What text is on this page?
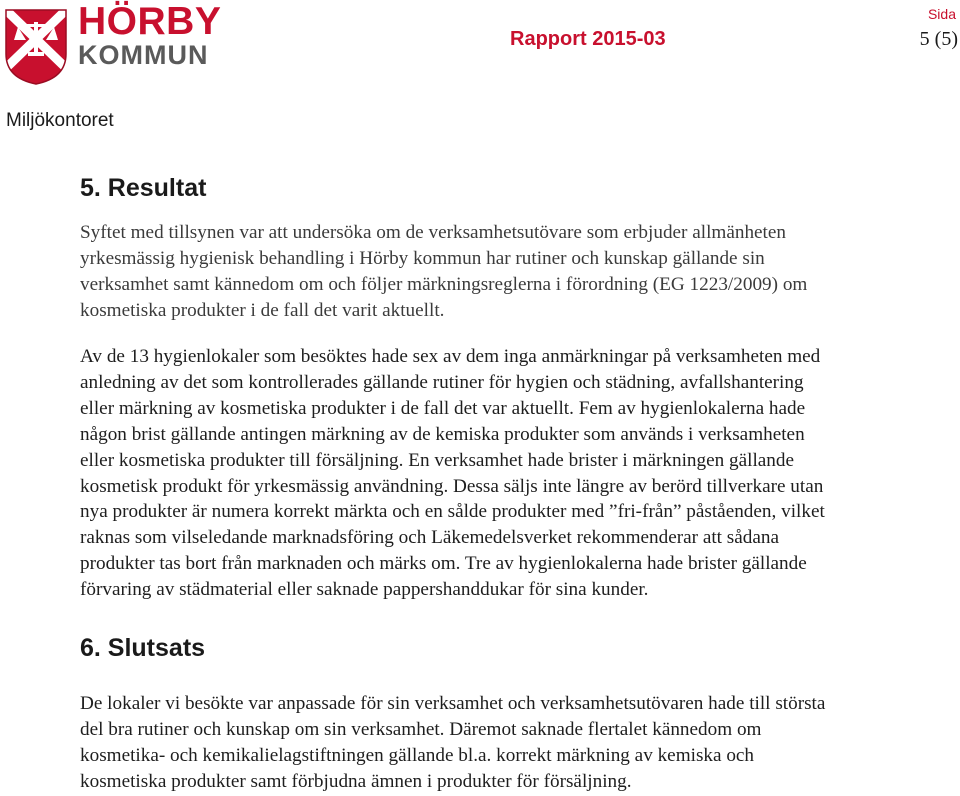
HÖRBY
KOMMUN
Rapport 2015-03
Sida
5 (5)
Miljökontoret
5. Resultat

Syftet med tillsynen var att undersöka om de verksamhetsutövare som erbjuder allmänheten
yrkesmässig hygienisk behandling i Hörby kommun har rutiner och kunskap gällande sin
verksamhet samt kännedom om och följer märkningsreglerna i förordning (EG 1223/2009) om
kosmetiska produkter i de fall det varit aktuellt.

Av de 13 hygienlokaler som besöktes hade sex av dem inga anmärkningar på verksamheten med
anledning av det som kontrollerades gällande rutiner för hygien och städning, avfallshantering
eller märkning av kosmetiska produkter i de fall det var aktuellt. Fem av hygienlokalerna hade
någon brist gällande antingen märkning av de kemiska produkter som används i verksamheten
eller kosmetiska produkter till försäljning. En verksamhet hade brister i märkningen gällande
kosmetisk produkt för yrkesmässig användning. Dessa säljs inte längre av berörd tillverkare utan
nya produkter är numera korrekt märkta och en sålde produkter med ”fri-från” påståenden, vilket
raknas som vilseledande marknadsföring och Läkemedelsverket rekommenderar att sådana
produkter tas bort från marknaden och märks om. Tre av hygienlokalerna hade brister gällande
förvaring av städmaterial eller saknade pappershanddukar för sina kunder.

6. Slutsats

De lokaler vi besökte var anpassade för sin verksamhet och verksamhetsutövaren hade till största
del bra rutiner och kunskap om sin verksamhet. Däremot saknade flertalet kännedom om
kosmetika- och kemikalielagstiftningen gällande bl.a. korrekt märkning av kemiska och
kosmetiska produkter samt förbjudna ämnen i produkter för försäljning.
